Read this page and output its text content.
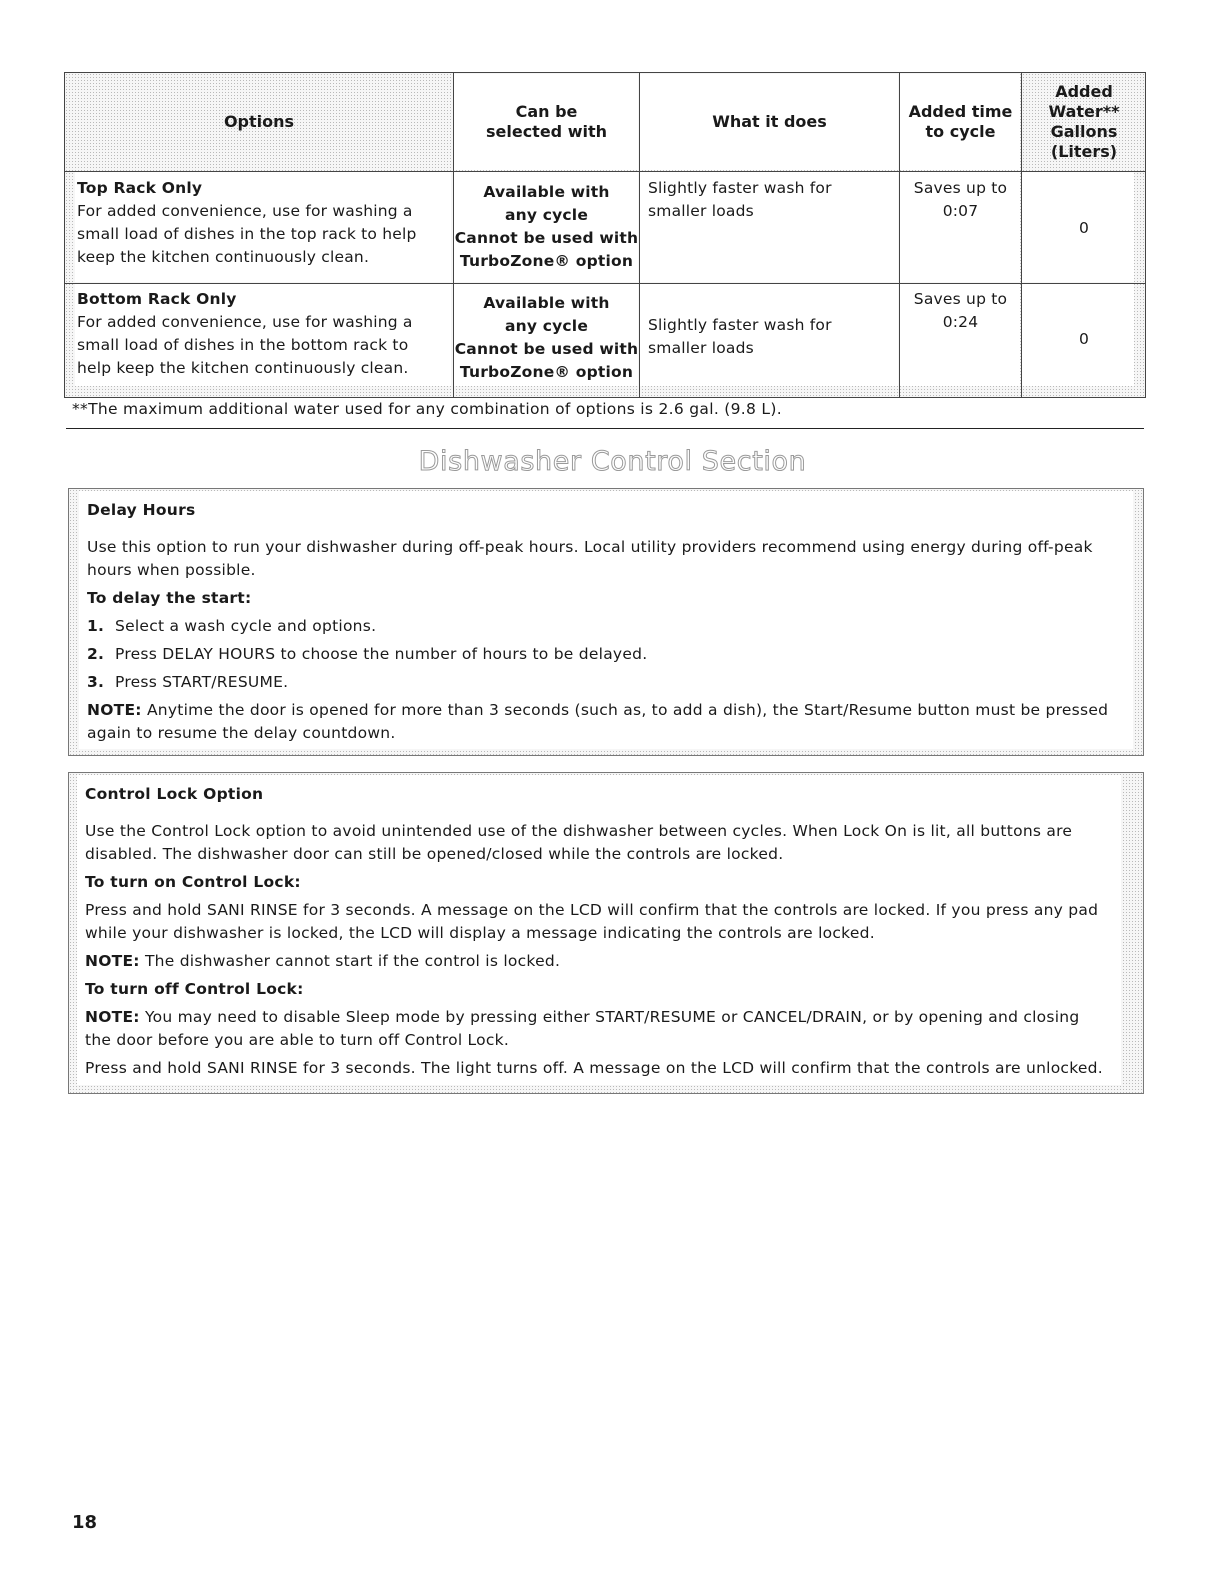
Options
Can be
selected with
What it does
Added time
to cycle
Added
Water**
Gallons
(Liters)
Top Rack Only
For added convenience, use for washing a
small load of dishes in the top rack to help
keep the kitchen continuously clean.
Available with
any cycle
Cannot be used with
TurboZone® option
Slightly faster wash for
smaller loads
Saves up to
0:07
0
Bottom Rack Only
For added convenience, use for washing a
small load of dishes in the bottom rack to
help keep the kitchen continuously clean.
Available with
any cycle
Cannot be used with
TurboZone® option
Slightly faster wash for
smaller loads
Saves up to
0:24
0
**The maximum additional water used for any combination of options is 2.6 gal. (9.8 L).
Dishwasher Control Section
Delay Hours
Use this option to run your dishwasher during off-peak hours. Local utility providers recommend using energy during off-peak
hours when possible.
To delay the start:
1. Select a wash cycle and options.
2. Press DELAY HOURS to choose the number of hours to be delayed.
3. Press START/RESUME.
NOTE: Anytime the door is opened for more than 3 seconds (such as, to add a dish), the Start/Resume button must be pressed
again to resume the delay countdown.
Control Lock Option
Use the Control Lock option to avoid unintended use of the dishwasher between cycles. When Lock On is lit, all buttons are
disabled. The dishwasher door can still be opened/closed while the controls are locked.
To turn on Control Lock:
Press and hold SANI RINSE for 3 seconds. A message on the LCD will confirm that the controls are locked. If you press any pad
while your dishwasher is locked, the LCD will display a message indicating the controls are locked.
NOTE: The dishwasher cannot start if the control is locked.
To turn off Control Lock:
NOTE: You may need to disable Sleep mode by pressing either START/RESUME or CANCEL/DRAIN, or by opening and closing
the door before you are able to turn off Control Lock.
Press and hold SANI RINSE for 3 seconds. The light turns off. A message on the LCD will confirm that the controls are unlocked.
18
